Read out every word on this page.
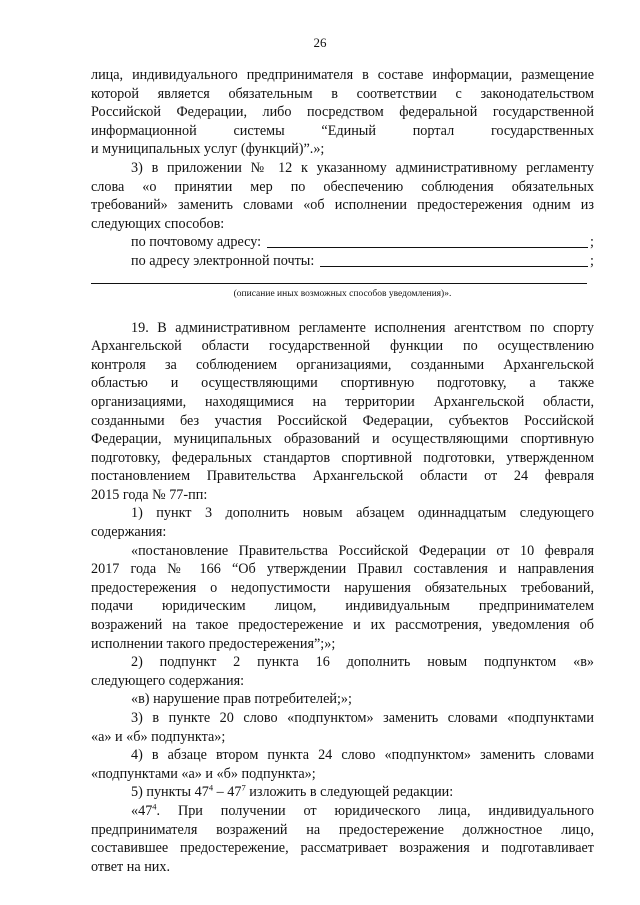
26

лица, индивидуального предпринимателя в составе информации, размещение

которой является обязательным в соответствии с законодательством

Российской Федерации, либо посредством федеральной государственной

информационной системы “Единый портал государственных

и муниципальных услуг (функций)”.»;

3) в приложении № 12 к указанному административному регламенту

слова «о принятии мер по обеспечению соблюдения обязательных

требований» заменить словами «об исполнении предостережения одним из

следующих способов:

по почтовому адресу:	;
по адресу электронной почты:	;

(описание иных возможных способов уведомления)».

19. В административном регламенте исполнения агентством по спорту

Архангельской области государственной функции по осуществлению

контроля за соблюдением организациями, созданными Архангельской

областью и осуществляющими спортивную подготовку, а также

организациями, находящимися на территории Архангельской области,

созданными без участия Российской Федерации, субъектов Российской

Федерации, муниципальных образований и осуществляющими спортивную

подготовку, федеральных стандартов спортивной подготовки, утвержденном

постановлением Правительства Архангельской области от 24 февраля

2015 года № 77-пп:

1) пункт 3 дополнить новым абзацем одиннадцатым следующего

содержания:

«постановление Правительства Российской Федерации от 10 февраля

2017 года № 166 “Об утверждении Правил составления и направления

предостережения о недопустимости нарушения обязательных требований,

подачи юридическим лицом, индивидуальным предпринимателем

возражений на такое предостережение и их рассмотрения, уведомления об

исполнении такого предостережения”;»;

2) подпункт 2 пункта 16 дополнить новым подпунктом «в»

следующего содержания:

«в) нарушение прав потребителей;»;

3) в пункте 20 слово «подпунктом» заменить словами «подпунктами

«а» и «б» подпункта»;

4) в абзаце втором пункта 24 слово «подпунктом» заменить словами

«подпунктами «а» и «б» подпункта»;

5) пункты $47^4 - 47^7$ изложить в следующей редакции:

«$47^4$. При получении от юридического лица, индивидуального

предпринимателя возражений на предостережение должностное лицо,

составившее предостережение, рассматривает возражения и подготавливает

ответ на них.
